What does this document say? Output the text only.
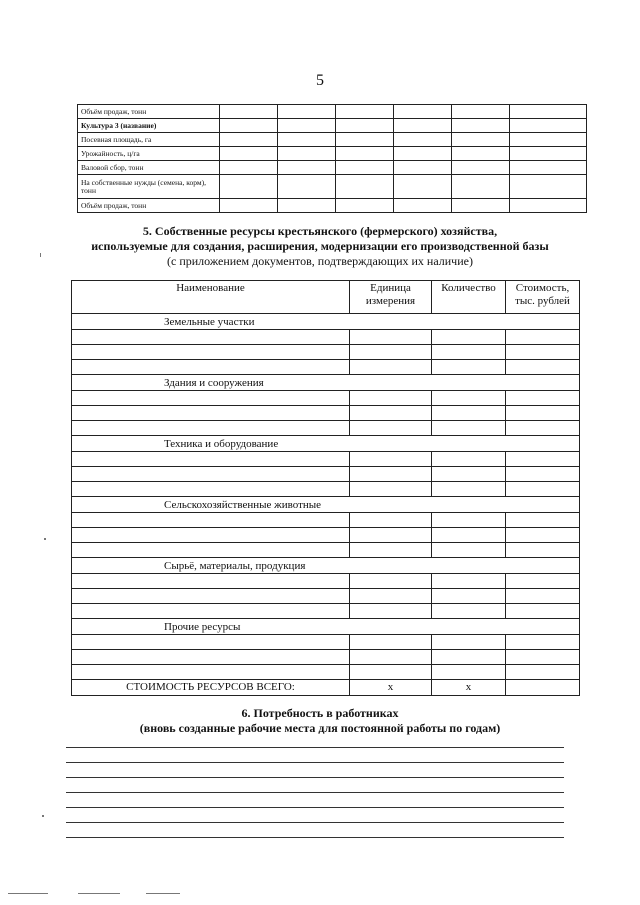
5
Объём продаж, тонн						
Культура 3 (название)						
Посевная площадь, га						
Урожайность, ц/га						
Валовой сбор, тонн						
На собственные нужды (семена, корм), тонн						
Объём продаж, тонн						
5. Собственные ресурсы крестьянского (фермерского) хозяйства,
используемые для создания, расширения, модернизации его производственной базы
(с приложением документов, подтверждающих их наличие)
Наименование	Единица измерения	Количество	Стоимость, тыс. рублей
Земельные участки			

Здания и сооружения			

Техника и оборудование			

Сельскохозяйственные животные			

Сырьё, материалы, продукция			

Прочие ресурсы			

СТОИМОСТЬ РЕСУРСОВ ВСЕГО:	х	х	
6. Потребность в работниках
(вновь созданные рабочие места для постоянной работы по годам)
